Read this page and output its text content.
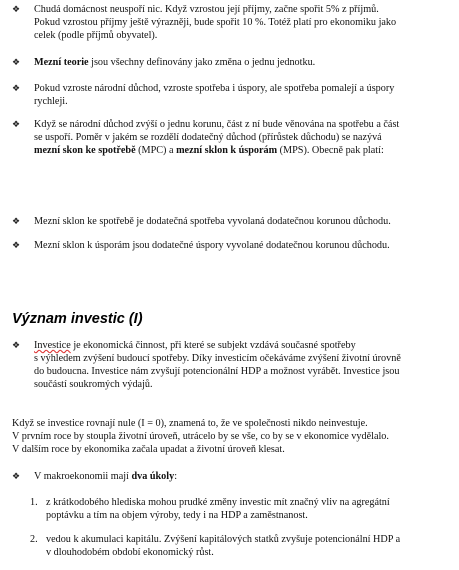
❖ Chudá domácnost neuspoří nic. Když vzrostou její příjmy, začne spořit 5% z příjmů.
Pokud vzrostou příjmy ještě výrazněji, bude spořit 10 %. Totéž platí pro ekonomiku jako
celek (podle příjmů obyvatel).
❖ Mezní teorie jsou všechny definovány jako změna o jednu jednotku.
❖ Pokud vzroste národní důchod, vzroste spotřeba i úspory, ale spotřeba pomalejí a úspory
rychleji.
❖ Když se národní důchod zvýší o jednu korunu, část z ní bude věnována na spotřebu a část
se uspoří. Poměr v jakém se rozdělí dodatečný důchod (přírůstek důchodu) se nazývá
mezní skon ke spotřebě (MPC) a mezní sklon k úsporám (MPS). Obecně pak platí:
❖ Mezní sklon ke spotřebě je dodatečná spotřeba vyvolaná dodatečnou korunou důchodu.
❖ Mezní sklon k úsporám jsou dodatečné úspory vyvolané dodatečnou korunou důchodu.
Význam investic (I)
❖ Investice je ekonomická činnost, při které se subjekt vzdává současné spotřeby
s výhledem zvýšení budoucí spotřeby. Díky investicím očekáváme zvýšení životní úrovně
do budoucna. Investice nám zvyšují potencionální HDP a možnost vyrábět. Investice jsou
součástí soukromých výdajů.
Když se investice rovnají nule (I = 0), znamená to, že ve společnosti nikdo neinvestuje.
V prvním roce by stoupla životní úroveň, utrácelo by se vše, co by se v ekonomice vydělalo.
V dalším roce by ekonomika začala upadat a životní úroveň klesat.
❖ V makroekonomii mají dva úkoly:
1. z krátkodobého hlediska mohou prudké změny investic mít značný vliv na agregátní
poptávku a tím na objem výroby, tedy i na HDP a zaměstnanost.
2. vedou k akumulaci kapitálu. Zvýšení kapitálových statků zvyšuje potencionální HDP a
v dlouhodobém období ekonomický růst.
